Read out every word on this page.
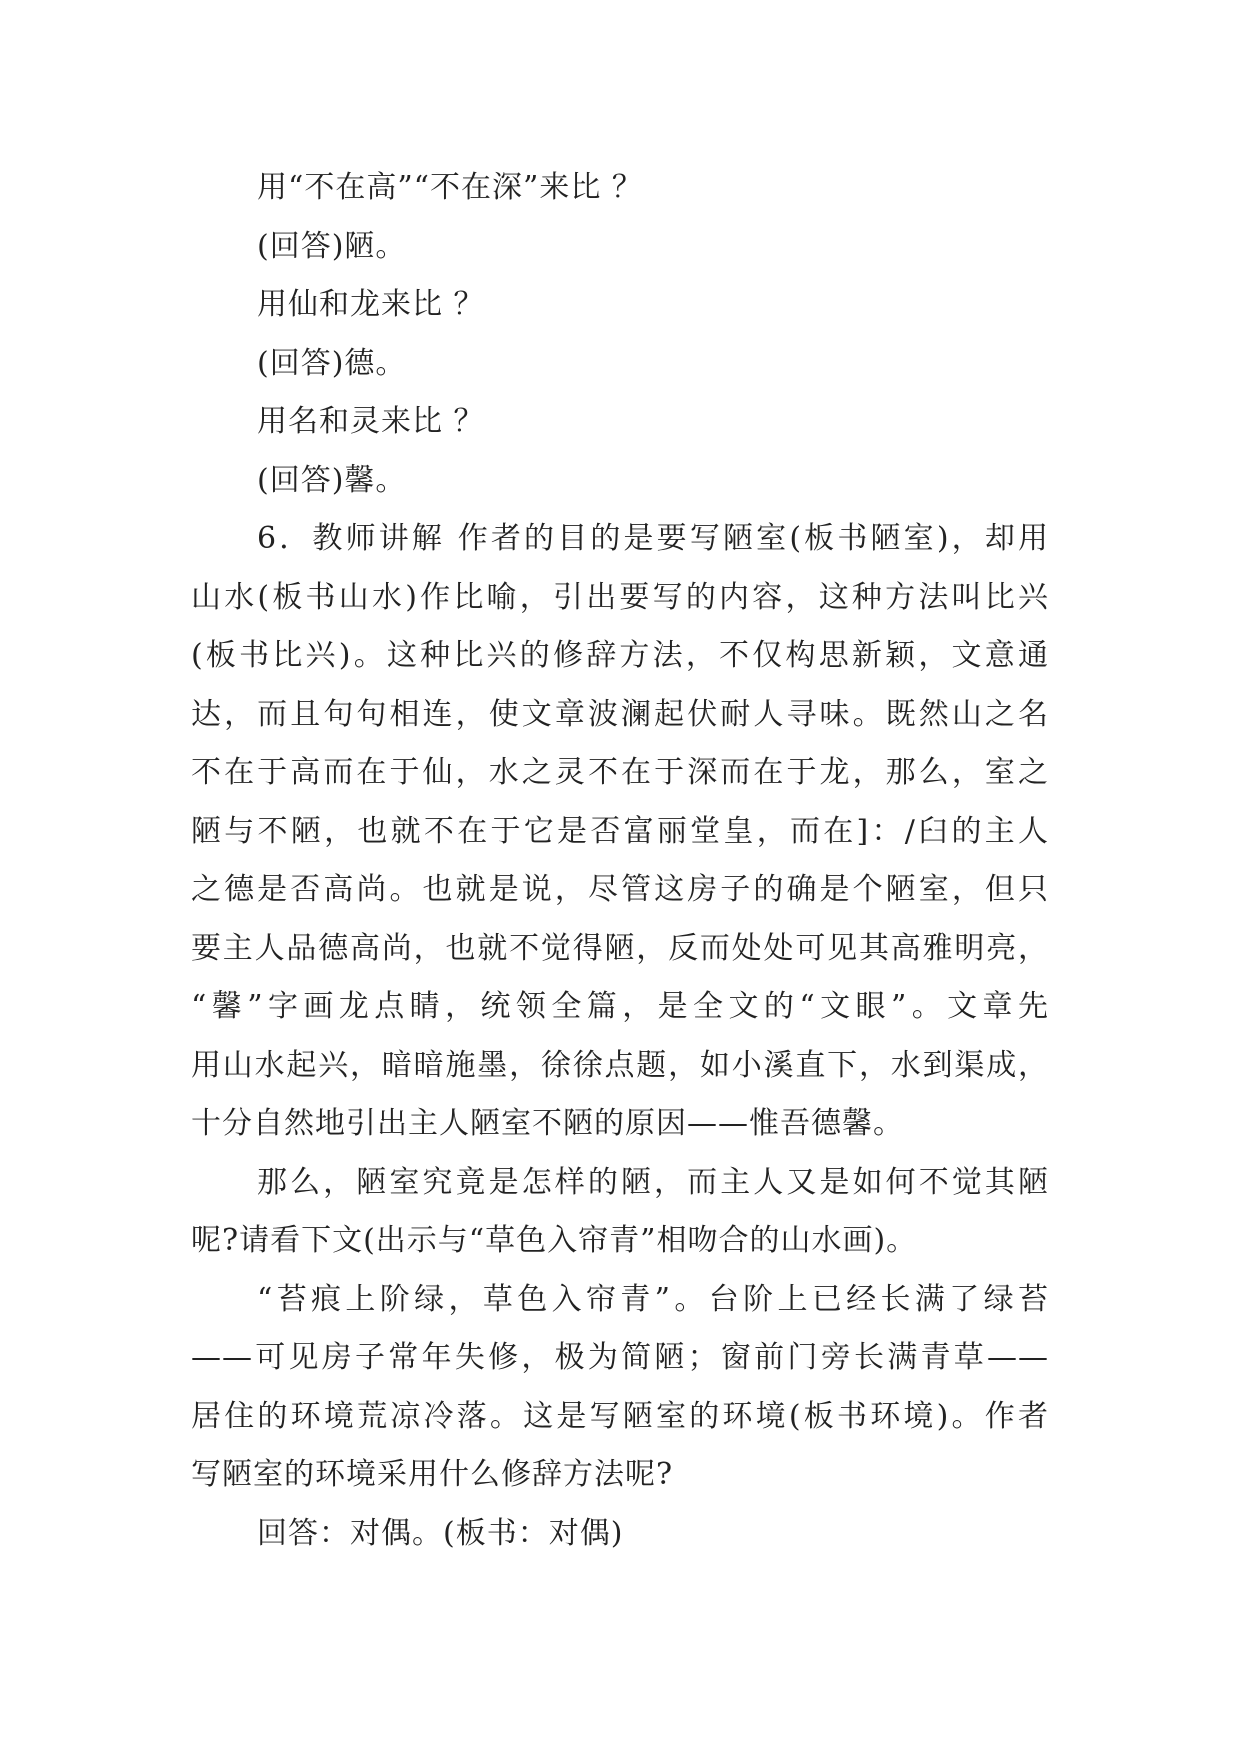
用“不在高”“不在深”来比 ？
(回答)陋。
用仙和龙来比 ？
(回答)德。
用名和灵来比 ？
(回答)馨。
6．教师讲解 作者的目的是要写陋室(板书陋室)，却用
山水(板书山水)作比喻，引出要写的内容，这种方法叫比兴
(板书比兴)。这种比兴的修辞方法，不仅构思新颖，文意通
达，而且句句相连，使文章波澜起伏耐人寻味。既然山之名
不在于高而在于仙，水之灵不在于深而在于龙，那么，室之
陋与不陋，也就不在于它是否富丽堂皇，而在]：/臼的主人
之德是否高尚。也就是说，尽管这房子的确是个陋室，但只
要主人品德高尚，也就不觉得陋，反而处处可见其高雅明亮，
“馨”字画龙点睛，统领全篇，是全文的“文眼”。文章先
用山水起兴，暗暗施墨，徐徐点题，如小溪直下，水到渠成，
十分自然地引出主人陋室不陋的原因——惟吾德馨。
那么，陋室究竟是怎样的陋，而主人又是如何不觉其陋
呢?请看下文(出示与“草色入帘青”相吻合的山水画)。
“苔痕上阶绿，草色入帘青”。台阶上已经长满了绿苔
——可见房子常年失修，极为简陋；窗前门旁长满青草——
居住的环境荒凉冷落。这是写陋室的环境(板书环境)。作者
写陋室的环境采用什么修辞方法呢?
回答：对偶。(板书：对偶)
